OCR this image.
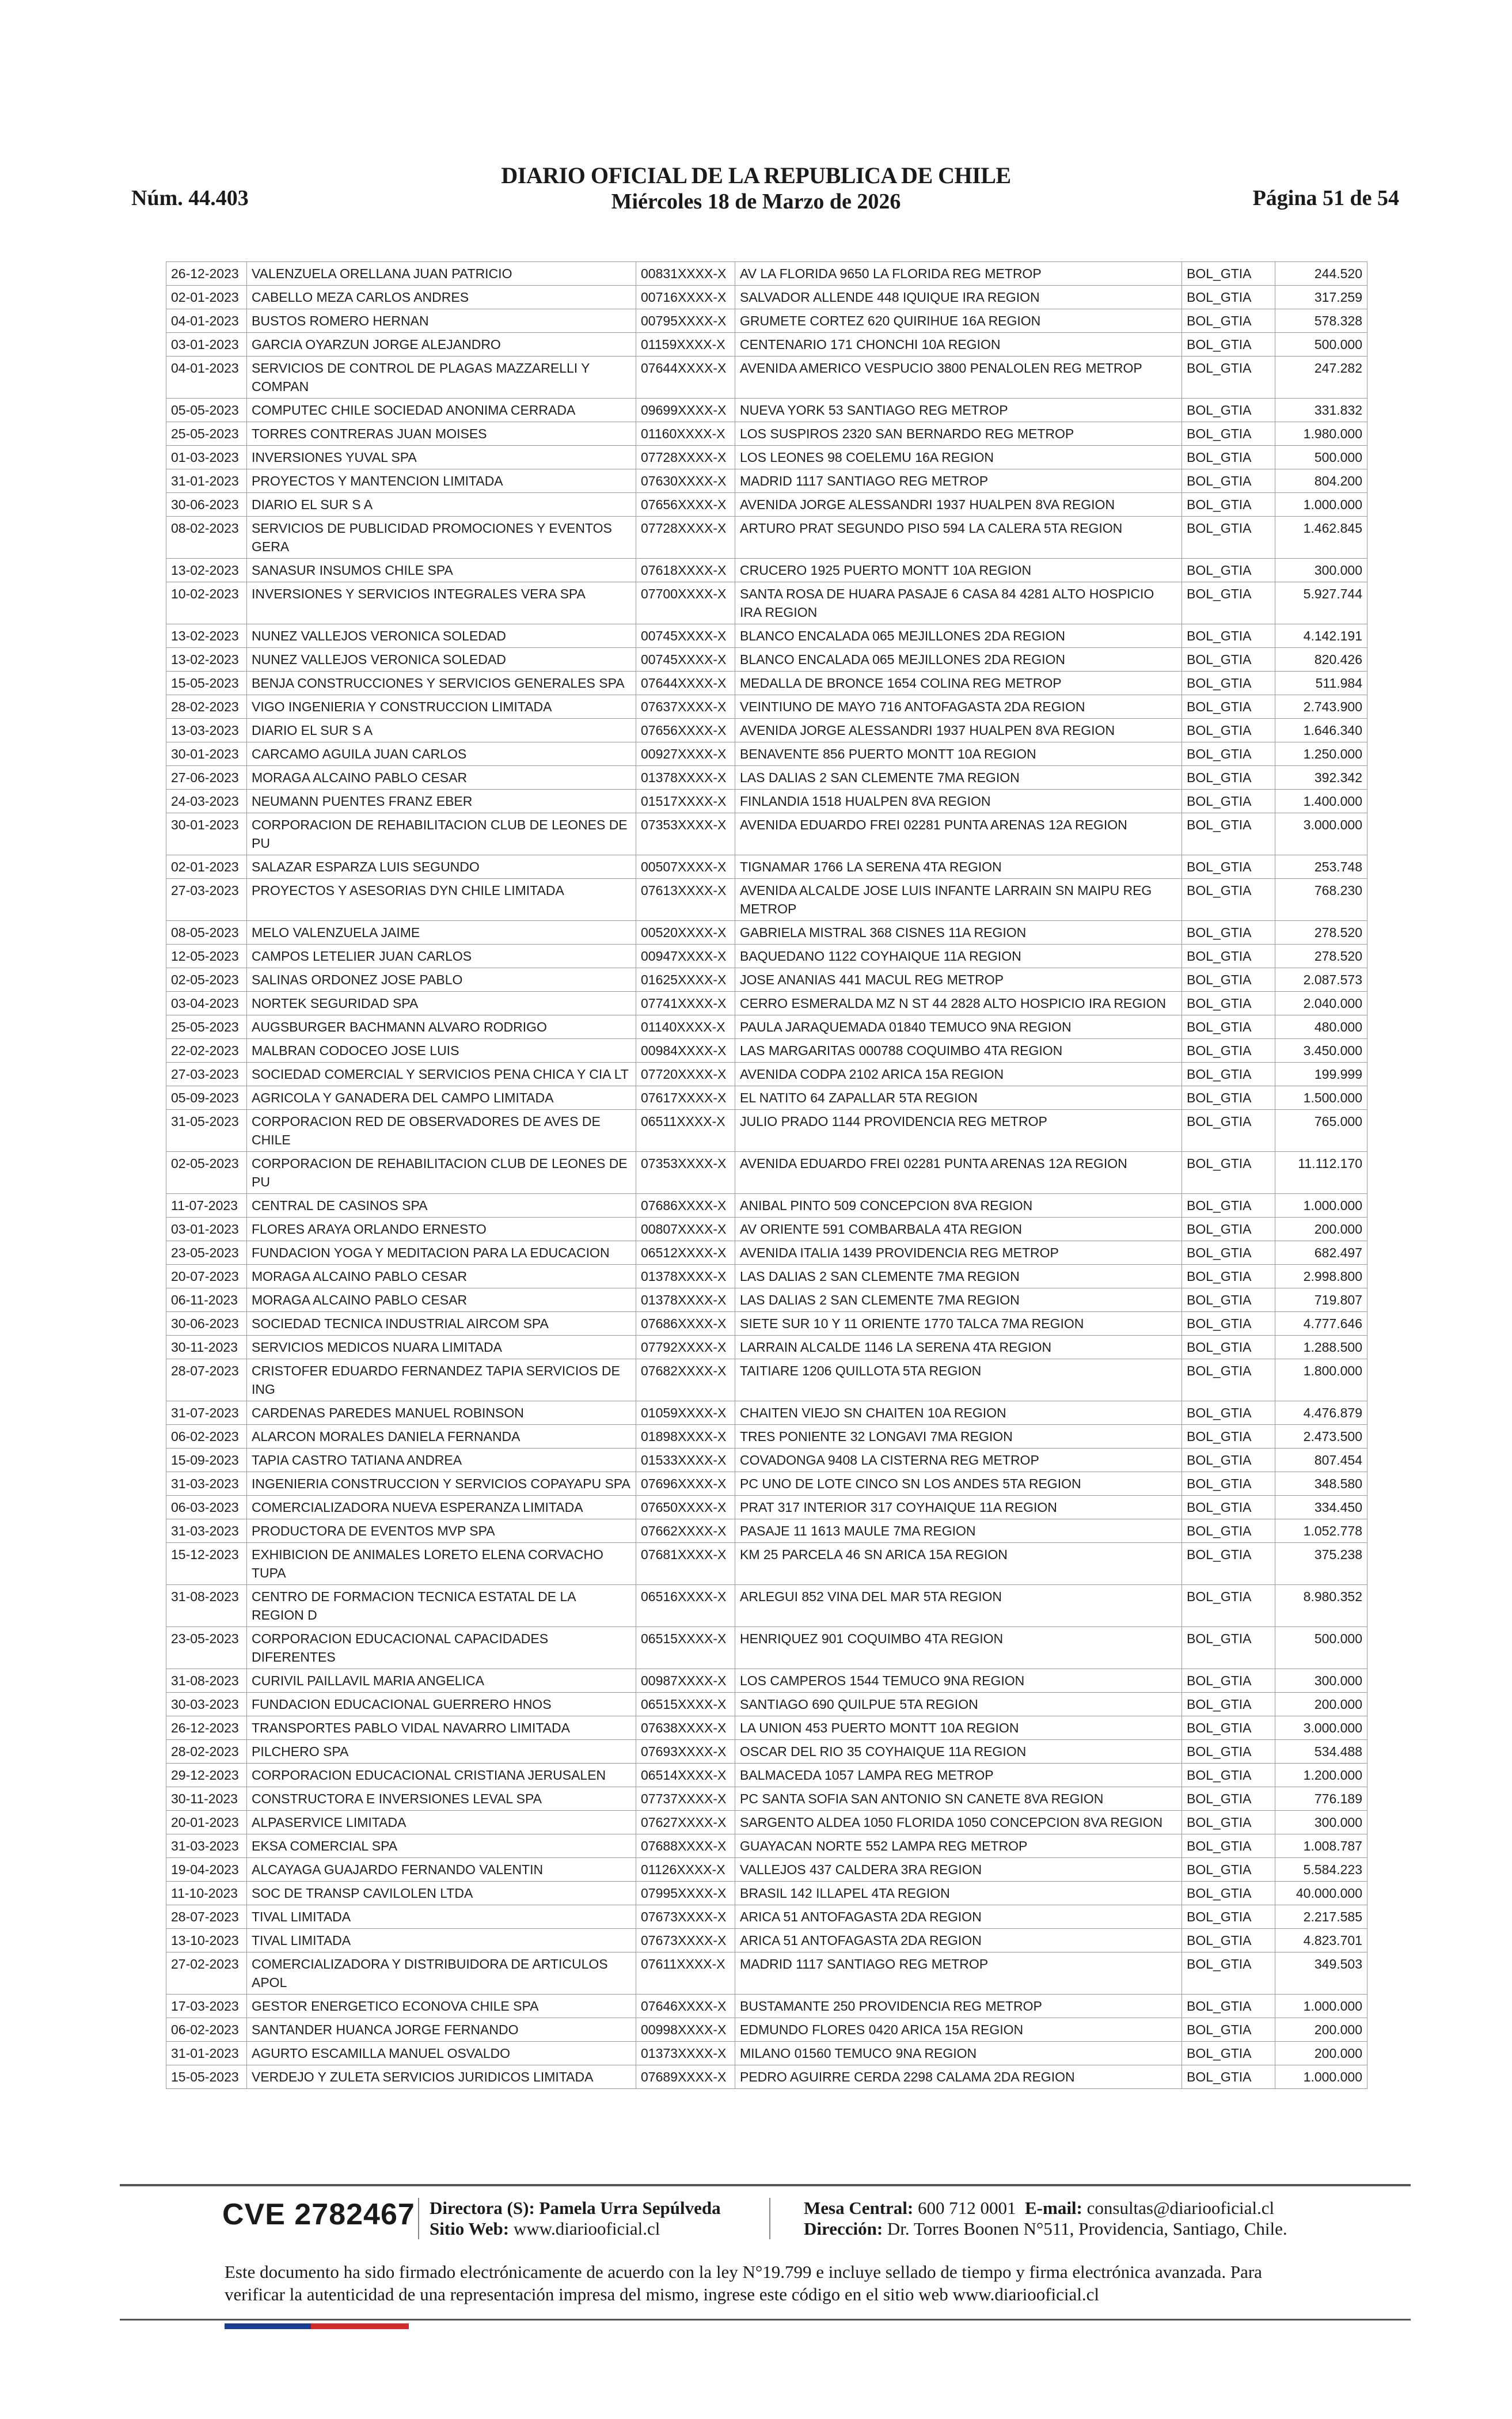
Núm. 44.403
DIARIO OFICIAL DE LA REPUBLICA DE CHILE
Miércoles 18 de Marzo de 2026	Página 51 de 54
26-12-2023	VALENZUELA ORELLANA JUAN PATRICIO	00831XXXX-X	AV LA FLORIDA 9650 LA FLORIDA REG METROP	BOL_GTIA	244.520
02-01-2023	CABELLO MEZA CARLOS ANDRES	00716XXXX-X	SALVADOR ALLENDE 448 IQUIQUE IRA REGION	BOL_GTIA	317.259
04-01-2023	BUSTOS ROMERO HERNAN	00795XXXX-X	GRUMETE CORTEZ 620 QUIRIHUE 16A REGION	BOL_GTIA	578.328
03-01-2023	GARCIA OYARZUN JORGE ALEJANDRO	01159XXXX-X	CENTENARIO 171 CHONCHI 10A REGION	BOL_GTIA	500.000
04-01-2023	SERVICIOS DE CONTROL DE PLAGAS MAZZARELLI Y COMPAN	07644XXXX-X	AVENIDA AMERICO VESPUCIO 3800 PENALOLEN REG METROP	BOL_GTIA	247.282
05-05-2023	COMPUTEC CHILE SOCIEDAD ANONIMA CERRADA	09699XXXX-X	NUEVA YORK 53 SANTIAGO REG METROP	BOL_GTIA	331.832
25-05-2023	TORRES CONTRERAS JUAN MOISES	01160XXXX-X	LOS SUSPIROS 2320 SAN BERNARDO REG METROP	BOL_GTIA	1.980.000
01-03-2023	INVERSIONES YUVAL SPA	07728XXXX-X	LOS LEONES 98 COELEMU 16A REGION	BOL_GTIA	500.000
31-01-2023	PROYECTOS Y MANTENCION LIMITADA	07630XXXX-X	MADRID 1117 SANTIAGO REG METROP	BOL_GTIA	804.200
30-06-2023	DIARIO EL SUR S A	07656XXXX-X	AVENIDA JORGE ALESSANDRI 1937 HUALPEN 8VA REGION	BOL_GTIA	1.000.000
08-02-2023	SERVICIOS DE PUBLICIDAD PROMOCIONES Y EVENTOS GERA	07728XXXX-X	ARTURO PRAT SEGUNDO PISO 594 LA CALERA 5TA REGION	BOL_GTIA	1.462.845
13-02-2023	SANASUR INSUMOS CHILE SPA	07618XXXX-X	CRUCERO 1925 PUERTO MONTT 10A REGION	BOL_GTIA	300.000
10-02-2023	INVERSIONES Y SERVICIOS INTEGRALES VERA SPA	07700XXXX-X	SANTA ROSA DE HUARA PASAJE 6 CASA 84 4281 ALTO HOSPICIO IRA REGION	BOL_GTIA	5.927.744
13-02-2023	NUNEZ VALLEJOS VERONICA SOLEDAD	00745XXXX-X	BLANCO ENCALADA 065 MEJILLONES 2DA REGION	BOL_GTIA	4.142.191
13-02-2023	NUNEZ VALLEJOS VERONICA SOLEDAD	00745XXXX-X	BLANCO ENCALADA 065 MEJILLONES 2DA REGION	BOL_GTIA	820.426
15-05-2023	BENJA CONSTRUCCIONES Y SERVICIOS GENERALES SPA	07644XXXX-X	MEDALLA DE BRONCE 1654 COLINA REG METROP	BOL_GTIA	511.984
28-02-2023	VIGO INGENIERIA Y CONSTRUCCION LIMITADA	07637XXXX-X	VEINTIUNO DE MAYO 716 ANTOFAGASTA 2DA REGION	BOL_GTIA	2.743.900
13-03-2023	DIARIO EL SUR S A	07656XXXX-X	AVENIDA JORGE ALESSANDRI 1937 HUALPEN 8VA REGION	BOL_GTIA	1.646.340
30-01-2023	CARCAMO AGUILA JUAN CARLOS	00927XXXX-X	BENAVENTE 856 PUERTO MONTT 10A REGION	BOL_GTIA	1.250.000
27-06-2023	MORAGA ALCAINO PABLO CESAR	01378XXXX-X	LAS DALIAS 2 SAN CLEMENTE 7MA REGION	BOL_GTIA	392.342
24-03-2023	NEUMANN PUENTES FRANZ EBER	01517XXXX-X	FINLANDIA 1518 HUALPEN 8VA REGION	BOL_GTIA	1.400.000
30-01-2023	CORPORACION DE REHABILITACION CLUB DE LEONES DE PU	07353XXXX-X	AVENIDA EDUARDO FREI 02281 PUNTA ARENAS 12A REGION	BOL_GTIA	3.000.000
02-01-2023	SALAZAR ESPARZA LUIS SEGUNDO	00507XXXX-X	TIGNAMAR 1766 LA SERENA 4TA REGION	BOL_GTIA	253.748
27-03-2023	PROYECTOS Y ASESORIAS DYN CHILE LIMITADA	07613XXXX-X	AVENIDA ALCALDE JOSE LUIS INFANTE LARRAIN SN MAIPU REG METROP	BOL_GTIA	768.230
08-05-2023	MELO VALENZUELA JAIME	00520XXXX-X	GABRIELA MISTRAL 368 CISNES 11A REGION	BOL_GTIA	278.520
12-05-2023	CAMPOS LETELIER JUAN CARLOS	00947XXXX-X	BAQUEDANO 1122 COYHAIQUE 11A REGION	BOL_GTIA	278.520
02-05-2023	SALINAS ORDONEZ JOSE PABLO	01625XXXX-X	JOSE ANANIAS 441 MACUL REG METROP	BOL_GTIA	2.087.573
03-04-2023	NORTEK SEGURIDAD SPA	07741XXXX-X	CERRO ESMERALDA MZ N ST 44 2828 ALTO HOSPICIO IRA REGION	BOL_GTIA	2.040.000
25-05-2023	AUGSBURGER BACHMANN ALVARO RODRIGO	01140XXXX-X	PAULA JARAQUEMADA 01840 TEMUCO 9NA REGION	BOL_GTIA	480.000
22-02-2023	MALBRAN CODOCEO JOSE LUIS	00984XXXX-X	LAS MARGARITAS 000788 COQUIMBO 4TA REGION	BOL_GTIA	3.450.000
27-03-2023	SOCIEDAD COMERCIAL Y SERVICIOS PENA CHICA Y CIA LT	07720XXXX-X	AVENIDA CODPA 2102 ARICA 15A REGION	BOL_GTIA	199.999
05-09-2023	AGRICOLA Y GANADERA DEL CAMPO LIMITADA	07617XXXX-X	EL NATITO 64 ZAPALLAR 5TA REGION	BOL_GTIA	1.500.000
31-05-2023	CORPORACION RED DE OBSERVADORES DE AVES DE CHILE	06511XXXX-X	JULIO PRADO 1144 PROVIDENCIA REG METROP	BOL_GTIA	765.000
02-05-2023	CORPORACION DE REHABILITACION CLUB DE LEONES DE PU	07353XXXX-X	AVENIDA EDUARDO FREI 02281 PUNTA ARENAS 12A REGION	BOL_GTIA	11.112.170
11-07-2023	CENTRAL DE CASINOS SPA	07686XXXX-X	ANIBAL PINTO 509 CONCEPCION 8VA REGION	BOL_GTIA	1.000.000
03-01-2023	FLORES ARAYA ORLANDO ERNESTO	00807XXXX-X	AV ORIENTE 591 COMBARBALA 4TA REGION	BOL_GTIA	200.000
23-05-2023	FUNDACION YOGA Y MEDITACION PARA LA EDUCACION	06512XXXX-X	AVENIDA ITALIA 1439 PROVIDENCIA REG METROP	BOL_GTIA	682.497
20-07-2023	MORAGA ALCAINO PABLO CESAR	01378XXXX-X	LAS DALIAS 2 SAN CLEMENTE 7MA REGION	BOL_GTIA	2.998.800
06-11-2023	MORAGA ALCAINO PABLO CESAR	01378XXXX-X	LAS DALIAS 2 SAN CLEMENTE 7MA REGION	BOL_GTIA	719.807
30-06-2023	SOCIEDAD TECNICA INDUSTRIAL AIRCOM SPA	07686XXXX-X	SIETE SUR 10 Y 11 ORIENTE 1770 TALCA 7MA REGION	BOL_GTIA	4.777.646
30-11-2023	SERVICIOS MEDICOS NUARA LIMITADA	07792XXXX-X	LARRAIN ALCALDE 1146 LA SERENA 4TA REGION	BOL_GTIA	1.288.500
28-07-2023	CRISTOFER EDUARDO FERNANDEZ TAPIA SERVICIOS DE ING	07682XXXX-X	TAITIARE 1206 QUILLOTA 5TA REGION	BOL_GTIA	1.800.000
31-07-2023	CARDENAS PAREDES MANUEL ROBINSON	01059XXXX-X	CHAITEN VIEJO SN CHAITEN 10A REGION	BOL_GTIA	4.476.879
06-02-2023	ALARCON MORALES DANIELA FERNANDA	01898XXXX-X	TRES PONIENTE 32 LONGAVI 7MA REGION	BOL_GTIA	2.473.500
15-09-2023	TAPIA CASTRO TATIANA ANDREA	01533XXXX-X	COVADONGA 9408 LA CISTERNA REG METROP	BOL_GTIA	807.454
31-03-2023	INGENIERIA CONSTRUCCION Y SERVICIOS COPAYAPU SPA	07696XXXX-X	PC UNO DE LOTE CINCO SN LOS ANDES 5TA REGION	BOL_GTIA	348.580
06-03-2023	COMERCIALIZADORA NUEVA ESPERANZA LIMITADA	07650XXXX-X	PRAT 317 INTERIOR 317 COYHAIQUE 11A REGION	BOL_GTIA	334.450
31-03-2023	PRODUCTORA DE EVENTOS MVP SPA	07662XXXX-X	PASAJE 11 1613 MAULE 7MA REGION	BOL_GTIA	1.052.778
15-12-2023	EXHIBICION DE ANIMALES LORETO ELENA CORVACHO TUPA	07681XXXX-X	KM 25 PARCELA 46 SN ARICA 15A REGION	BOL_GTIA	375.238
31-08-2023	CENTRO DE FORMACION TECNICA ESTATAL DE LA REGION D	06516XXXX-X	ARLEGUI 852 VINA DEL MAR 5TA REGION	BOL_GTIA	8.980.352
23-05-2023	CORPORACION EDUCACIONAL CAPACIDADES DIFERENTES	06515XXXX-X	HENRIQUEZ 901 COQUIMBO 4TA REGION	BOL_GTIA	500.000
31-08-2023	CURIVIL PAILLAVIL MARIA ANGELICA	00987XXXX-X	LOS CAMPEROS 1544 TEMUCO 9NA REGION	BOL_GTIA	300.000
30-03-2023	FUNDACION EDUCACIONAL GUERRERO HNOS	06515XXXX-X	SANTIAGO 690 QUILPUE 5TA REGION	BOL_GTIA	200.000
26-12-2023	TRANSPORTES PABLO VIDAL NAVARRO LIMITADA	07638XXXX-X	LA UNION 453 PUERTO MONTT 10A REGION	BOL_GTIA	3.000.000
28-02-2023	PILCHERO SPA	07693XXXX-X	OSCAR DEL RIO 35 COYHAIQUE 11A REGION	BOL_GTIA	534.488
29-12-2023	CORPORACION EDUCACIONAL CRISTIANA JERUSALEN	06514XXXX-X	BALMACEDA 1057 LAMPA REG METROP	BOL_GTIA	1.200.000
30-11-2023	CONSTRUCTORA E INVERSIONES LEVAL SPA	07737XXXX-X	PC SANTA SOFIA SAN ANTONIO SN CANETE 8VA REGION	BOL_GTIA	776.189
20-01-2023	ALPASERVICE LIMITADA	07627XXXX-X	SARGENTO ALDEA 1050 FLORIDA 1050 CONCEPCION 8VA REGION	BOL_GTIA	300.000
31-03-2023	EKSA COMERCIAL SPA	07688XXXX-X	GUAYACAN NORTE 552 LAMPA REG METROP	BOL_GTIA	1.008.787
19-04-2023	ALCAYAGA GUAJARDO FERNANDO VALENTIN	01126XXXX-X	VALLEJOS 437 CALDERA 3RA REGION	BOL_GTIA	5.584.223
11-10-2023	SOC DE TRANSP CAVILOLEN LTDA	07995XXXX-X	BRASIL 142 ILLAPEL 4TA REGION	BOL_GTIA	40.000.000
28-07-2023	TIVAL LIMITADA	07673XXXX-X	ARICA 51 ANTOFAGASTA 2DA REGION	BOL_GTIA	2.217.585
13-10-2023	TIVAL LIMITADA	07673XXXX-X	ARICA 51 ANTOFAGASTA 2DA REGION	BOL_GTIA	4.823.701
27-02-2023	COMERCIALIZADORA Y DISTRIBUIDORA DE ARTICULOS APOL	07611XXXX-X	MADRID 1117 SANTIAGO REG METROP	BOL_GTIA	349.503
17-03-2023	GESTOR ENERGETICO ECONOVA CHILE SPA	07646XXXX-X	BUSTAMANTE 250 PROVIDENCIA REG METROP	BOL_GTIA	1.000.000
06-02-2023	SANTANDER HUANCA JORGE FERNANDO	00998XXXX-X	EDMUNDO FLORES 0420 ARICA 15A REGION	BOL_GTIA	200.000
31-01-2023	AGURTO ESCAMILLA MANUEL OSVALDO	01373XXXX-X	MILANO 01560 TEMUCO 9NA REGION	BOL_GTIA	200.000
15-05-2023	VERDEJO Y ZULETA SERVICIOS JURIDICOS LIMITADA	07689XXXX-X	PEDRO AGUIRRE CERDA 2298 CALAMA 2DA REGION	BOL_GTIA	1.000.000
CVE 2782467 Directora (S): Pamela Urra Sepúlveda
Sitio Web: www.diariooficial.cl
Mesa Central: 600 712 0001 E-mail: consultas@diariooficial.cl
Dirección: Dr. Torres Boonen N°511, Providencia, Santiago, Chile.
Este documento ha sido firmado electrónicamente de acuerdo con la ley N°19.799 e incluye sellado de tiempo y firma electrónica avanzada. Para verificar la autenticidad de una representación impresa del mismo, ingrese este código en el sitio web www.diariooficial.cl
